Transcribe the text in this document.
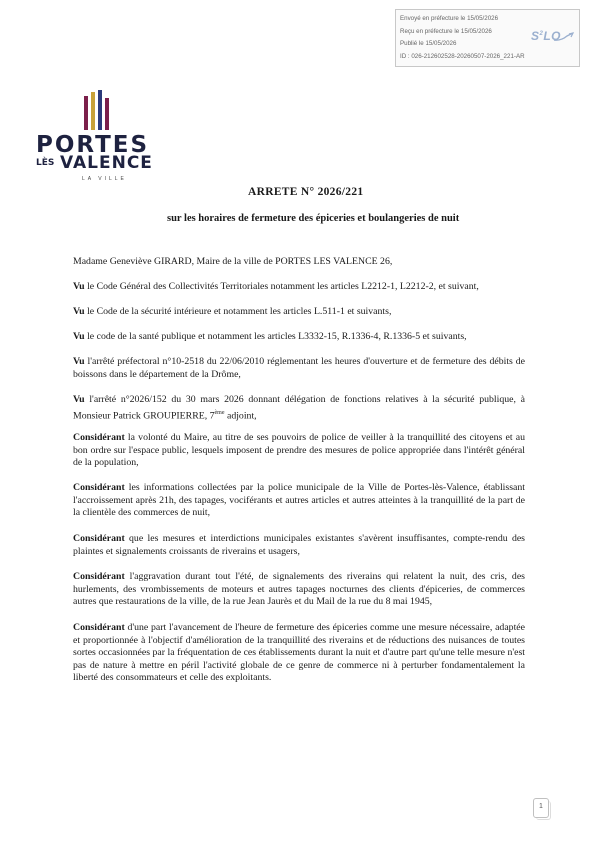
Envoyé en préfecture le 15/05/2026
Reçu en préfecture le 15/05/2026
Publié le 15/05/2026
ID : 026-212602528-20260507-2026_221-AR
$S^2LO$
PORTES
LÈS VALENCE
LA VILLE
ARRETE N° 2026/221
sur les horaires de fermeture des épiceries et boulangeries de nuit
Madame Geneviève GIRARD, Maire de la ville de PORTES LES VALENCE 26,
Vu le Code Général des Collectivités Territoriales notamment les articles L2212-1, L2212-2, et suivant,
Vu le Code de la sécurité intérieure et notamment les articles L.511-1 et suivants,
Vu le code de la santé publique et notamment les articles L3332-15, R.1336-4, R.1336-5 et suivants,
Vu l'arrêté préfectoral n°10-2518 du 22/06/2010 réglementant les heures d'ouverture et de fermeture des débits de boissons dans le département de la Drôme,
Vu l'arrêté n°2026/152 du 30 mars 2026 donnant délégation de fonctions relatives à la sécurité publique, à Monsieur Patrick GROUPIERRE, 7ème adjoint,
Considérant la volonté du Maire, au titre de ses pouvoirs de police de veiller à la tranquillité des citoyens et au bon ordre sur l'espace public, lesquels imposent de prendre des mesures de police appropriée dans l'intérêt général de la population,
Considérant les informations collectées par la police municipale de la Ville de Portes-lès-Valence, établissant l'accroissement après 21h, des tapages, vociférants et autres articles et autres atteintes à la tranquillité de la part de la clientèle des commerces de nuit,
Considérant que les mesures et interdictions municipales existantes s'avèrent insuffisantes, compte-rendu des plaintes et signalements croissants de riverains et usagers,
Considérant l'aggravation durant tout l'été, de signalements des riverains qui relatent la nuit, des cris, des hurlements, des vrombissements de moteurs et autres tapages nocturnes des clients d'épiceries, de commerces autres que restaurations de la ville, de la rue Jean Jaurès et du Mail de la rue du 8 mai 1945,
Considérant d'une part l'avancement de l'heure de fermeture des épiceries comme une mesure nécessaire, adaptée et proportionnée à l'objectif d'amélioration de la tranquillité des riverains et de réductions des nuisances de toutes sortes occasionnées par la fréquentation de ces établissements durant la nuit et d'autre part qu'une telle mesure n'est pas de nature à mettre en péril l'activité globale de ce genre de commerce ni à perturber fondamentalement la liberté des consommateurs et celle des exploitants.
1
